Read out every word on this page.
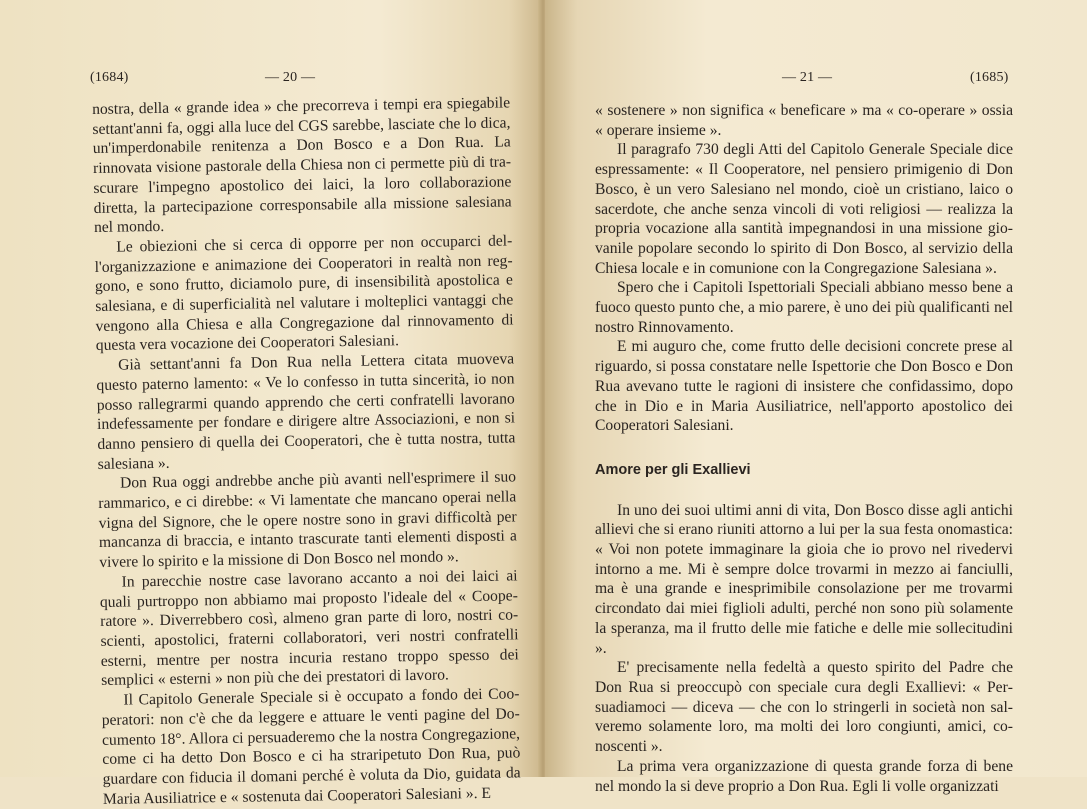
(1684)	— 20 —

nostra, della « grande idea » che precorreva i tempi era spiegabile settant'anni fa, oggi alla luce del CGS sarebbe, lasciate che lo dica, un'imperdonabile renitenza a Don Bosco e a Don Rua. La rinnovata visione pastorale della Chiesa non ci permette più di trascurare l'impegno apostolico dei laici, la loro collaborazione diretta, la partecipazione corresponsabile alla missione salesiana nel mondo.

Le obiezioni che si cerca di opporre per non occuparci dell'organizzazione e animazione dei Cooperatori in realtà non reggono, e sono frutto, diciamolo pure, di insensibilità apostolica e salesiana, e di superficialità nel valutare i molteplici vantaggi che vengono alla Chiesa e alla Congregazione dal rinnovamento di questa vera vocazione dei Cooperatori Salesiani.

Già settant'anni fa Don Rua nella Lettera citata muoveva questo paterno lamento: « Ve lo confesso in tutta sincerità, io non posso rallegrarmi quando apprendo che certi confratelli lavorano indefessamente per fondare e dirigere altre Associazioni, e non si danno pensiero di quella dei Cooperatori, che è tutta nostra, tutta salesiana ».

Don Rua oggi andrebbe anche più avanti nell'esprimere il suo rammarico, e ci direbbe: « Vi lamentate che mancano operai nella vigna del Signore, che le opere nostre sono in gravi difficoltà per mancanza di braccia, e intanto trascurate tanti elementi disposti a vivere lo spirito e la missione di Don Bosco nel mondo ».

In parecchie nostre case lavorano accanto a noi dei laici ai quali purtroppo non abbiamo mai proposto l'ideale del « Cooperatore ». Diverrebbero così, almeno gran parte di loro, nostri coscienti, apostolici, fraterni collaboratori, veri nostri confratelli esterni, mentre per nostra incuria restano troppo spesso dei semplici « esterni » non più che dei prestatori di lavoro.

Il Capitolo Generale Speciale si è occupato a fondo dei Cooperatori: non c'è che da leggere e attuare le venti pagine del Documento 18°. Allora ci persuaderemo che la nostra Congregazione, come ci ha detto Don Bosco e ci ha straripetuto Don Rua, può guardare con fiducia il domani perché è voluta da Dio, guidata da Maria Ausiliatrice e « sostenuta dai Cooperatori Salesiani ». E

— 21 —	(1685)

« sostenere » non significa « beneficare » ma « co-operare » ossia « operare insieme ».

Il paragrafo 730 degli Atti del Capitolo Generale Speciale dice espressamente: « Il Cooperatore, nel pensiero primigenio di Don Bosco, è un vero Salesiano nel mondo, cioè un cristiano, laico o sacerdote, che anche senza vincoli di voti religiosi — realizza la propria vocazione alla santità impegnandosi in una missione giovanile popolare secondo lo spirito di Don Bosco, al servizio della Chiesa locale e in comunione con la Congregazione Salesiana ».

Spero che i Capitoli Ispettoriali Speciali abbiano messo bene a fuoco questo punto che, a mio parere, è uno dei più qualificanti nel nostro Rinnovamento.

E mi auguro che, come frutto delle decisioni concrete prese al riguardo, si possa constatare nelle Ispettorie che Don Bosco e Don Rua avevano tutte le ragioni di insistere che confidassimo, dopo che in Dio e in Maria Ausiliatrice, nell'apporto apostolico dei Cooperatori Salesiani.

Amore per gli Exallievi

In uno dei suoi ultimi anni di vita, Don Bosco disse agli antichi allievi che si erano riuniti attorno a lui per la sua festa onomastica: « Voi non potete immaginare la gioia che io provo nel rivedervi intorno a me. Mi è sempre dolce trovarmi in mezzo ai fanciulli, ma è una grande e inesprimibile consolazione per me trovarmi circondato dai miei figlioli adulti, perché non sono più solamente la speranza, ma il frutto delle mie fatiche e delle mie sollecitudini ».

E' precisamente nella fedeltà a questo spirito del Padre che Don Rua si preoccupò con speciale cura degli Exallievi: « Persuadiamoci — diceva — che con lo stringerli in società non salveremo solamente loro, ma molti dei loro congiunti, amici, conoscenti ».

La prima vera organizzazione di questa grande forza di bene nel mondo la si deve proprio a Don Rua. Egli li volle organizzati
